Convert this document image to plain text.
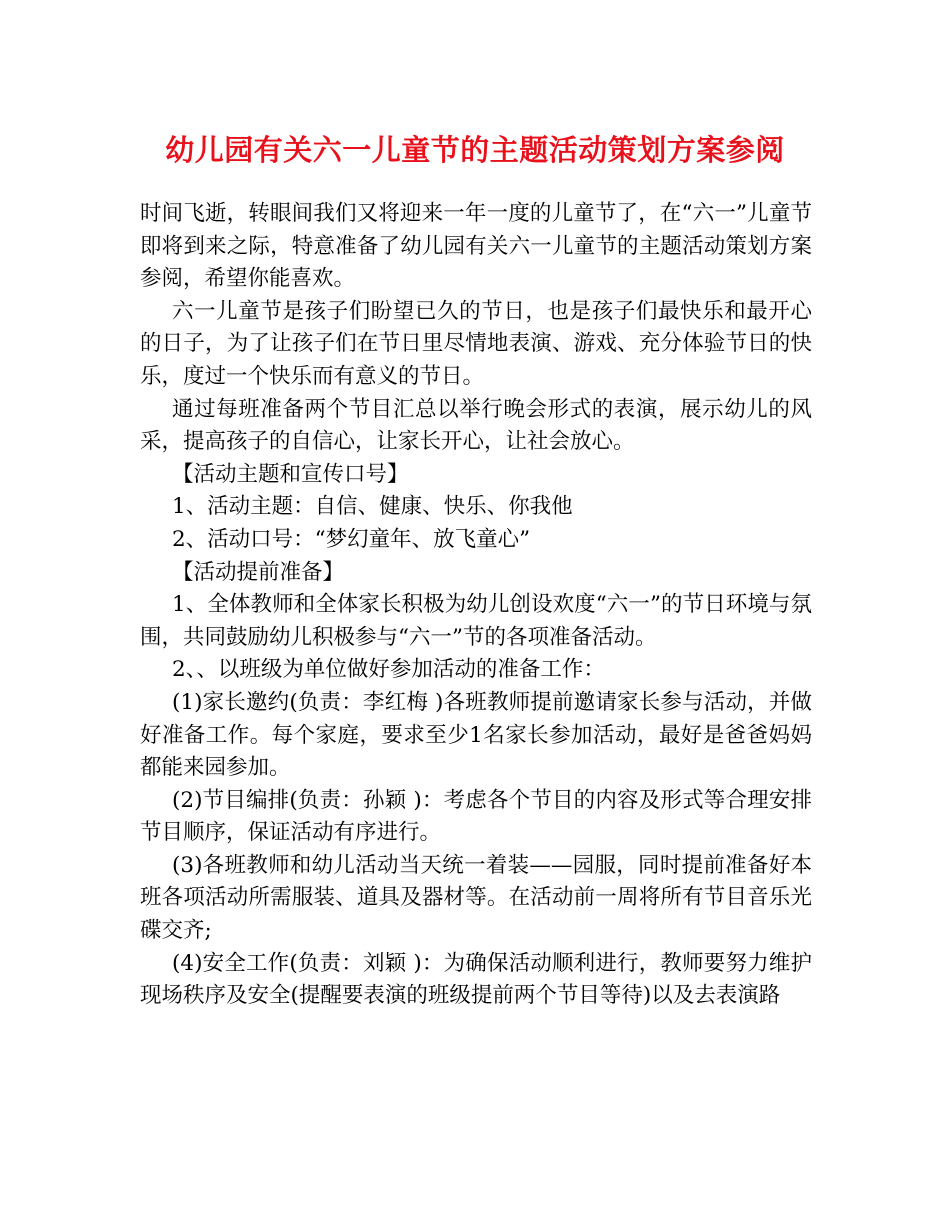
幼儿园有关六一儿童节的主题活动策划方案参阅

时间飞逝，转眼间我们又将迎来一年一度的儿童节了，在“六一”儿童节即将到来之际，特意准备了幼儿园有关六一儿童节的主题活动策划方案参阅，希望你能喜欢。

六一儿童节是孩子们盼望已久的节日，也是孩子们最快乐和最开心的日子，为了让孩子们在节日里尽情地表演、游戏、充分体验节日的快乐，度过一个快乐而有意义的节日。

通过每班准备两个节目汇总以举行晚会形式的表演，展示幼儿的风采，提高孩子的自信心，让家长开心，让社会放心。

【活动主题和宣传口号】

1、活动主题：自信、健康、快乐、你我他

2、活动口号：“梦幻童年、放飞童心”

【活动提前准备】

1、全体教师和全体家长积极为幼儿创设欢度“六一”的节日环境与氛围，共同鼓励幼儿积极参与“六一”节的各项准备活动。

2、、以班级为单位做好参加活动的准备工作：

(1)家长邀约(负责：李红梅 )各班教师提前邀请家长参与活动，并做好准备工作。每个家庭，要求至少1名家长参加活动，最好是爸爸妈妈都能来园参加。

(2)节目编排(负责：孙颖 )：考虑各个节目的内容及形式等合理安排节目顺序，保证活动有序进行。

(3)各班教师和幼儿活动当天统一着装——园服，同时提前准备好本班各项活动所需服装、道具及器材等。在活动前一周将所有节目音乐光碟交齐;

(4)安全工作(负责：刘颖 )：为确保活动顺利进行，教师要努力维护现场秩序及安全(提醒要表演的班级提前两个节目等待)以及去表演路
